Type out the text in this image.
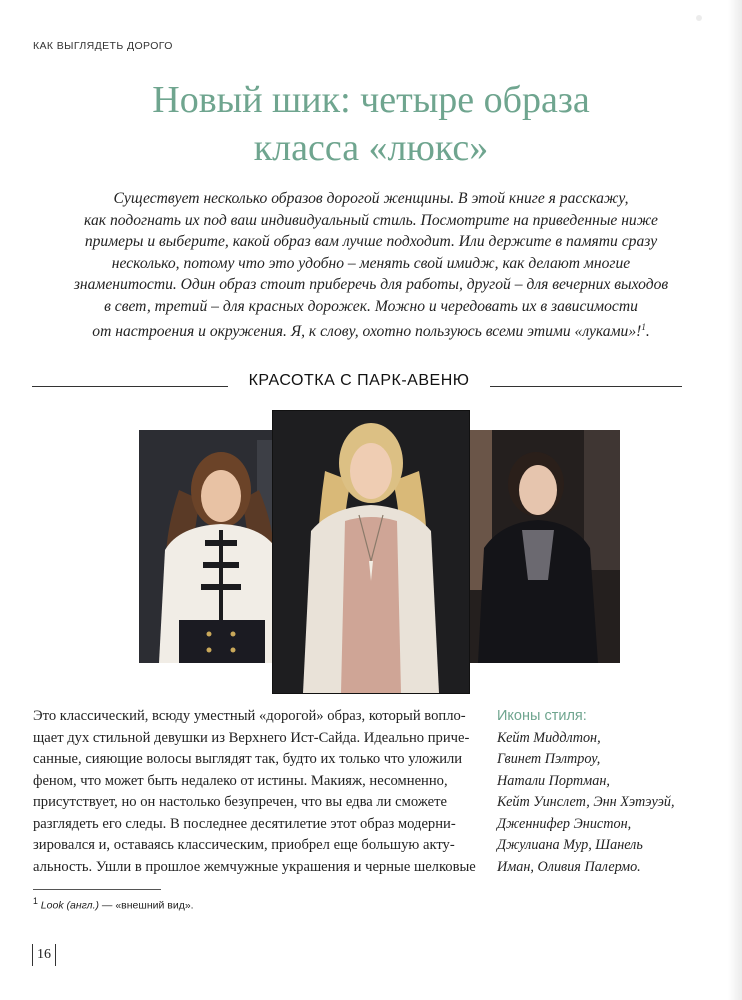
КАК ВЫГЛЯДЕТЬ ДОРОГО
Новый шик: четыре образа
класса «люкс»

Существует несколько образов дорогой женщины. В этой книге я расскажу,
как подогнать их под ваш индивидуальный стиль. Посмотрите на приведенные ниже
примеры и выберите, какой образ вам лучше подходит. Или держите в памяти сразу
несколько, потому что это удобно – менять свой имидж, как делают многие
знаменитости. Один образ стоит приберечь для работы, другой – для вечерних выходов
в свет, третий – для красных дорожек. Можно и чередовать их в зависимости
от настроения и окружения. Я, к слову, охотно пользуюсь всеми этими «луками»!$^1$.

КРАСОТКА С ПАРК-АВЕНЮ

Это классический, всюду уместный «дорогой» образ, который вопло-
щает дух стильной девушки из Верхнего Ист-Сайда. Идеально приче-
санные, сияющие волосы выглядят так, будто их только что уложили
феном, что может быть недалеко от истины. Макияж, несомненно,
присутствует, но он настолько безупречен, что вы едва ли сможете
разглядеть его следы. В последнее десятилетие этот образ модерни-
зировался и, оставаясь классическим, приобрел еще большую акту-
альность. Ушли в прошлое жемчужные украшения и черные шелковые

Иконы стиля:

Кейт Миддлтон,
Гвинет Пэлтроу,
Натали Портман,
Кейт Уинслет, Энн Хэтэуэй,
Дженнифер Энистон,
Джулиана Мур, Шанель
Иман, Оливия Палермо.

$^1$ Look (англ.) — «внешний вид».
16
